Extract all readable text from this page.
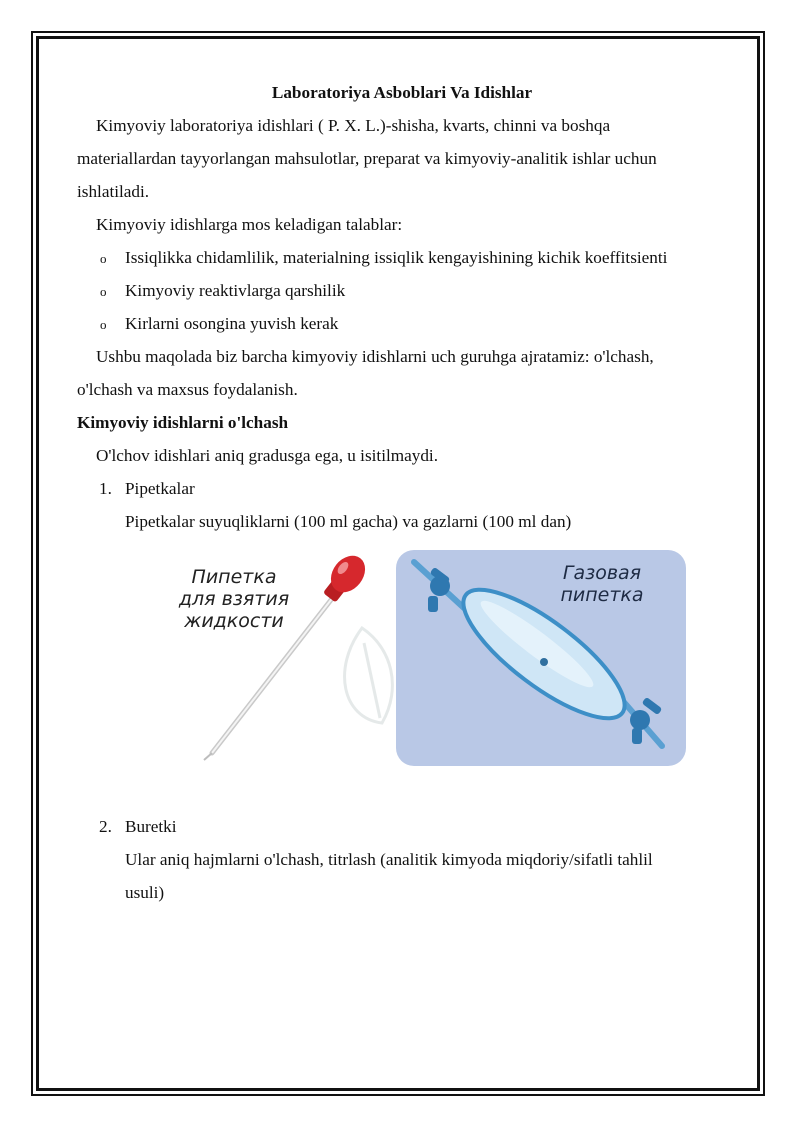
Laboratoriya Asboblari Va Idishlar
Kimyoviy laboratoriya idishlari ( P. X. L.)-shisha, kvarts, chinni va boshqa
materiallardan tayyorlangan mahsulotlar, preparat va kimyoviy-analitik ishlar uchun
ishlatiladi.
Kimyoviy idishlarga mos keladigan talablar:
o Issiqlikka chidamlilik, materialning issiqlik kengayishining kichik koeffitsienti
o Kimyoviy reaktivlarga qarshilik
o Kirlarni osongina yuvish kerak
Ushbu maqolada biz barcha kimyoviy idishlarni uch guruhga ajratamiz: o'lchash,
o'lchash va maxsus foydalanish.
Kimyoviy idishlarni o'lchash
O'lchov idishlari aniq gradusga ega, u isitilmaydi.
1. Pipetkalar
Pipetkalar suyuqliklarni (100 ml gacha) va gazlarni (100 ml dan)
Пипетка
для взятия
жидкости
Газовая
пипетка
2. Buretki
Ular aniq hajmlarni o'lchash, titrlash (analitik kimyoda miqdoriy/sifatli tahlil
usuli)
